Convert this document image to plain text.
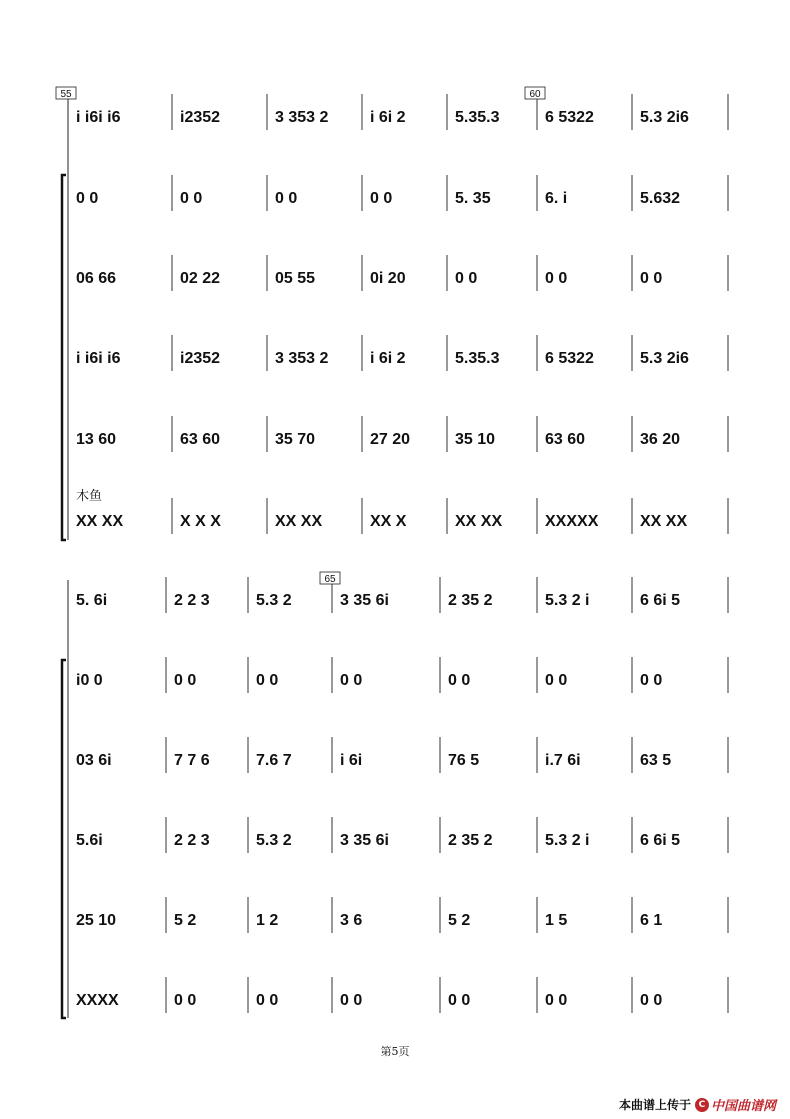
55	60
i i6i i6	i2352	3 353 2	i 6i 2	5.35.3	6 5322	5.3 2i6
0 0	0 0	0 0	0 0	5. 35	6. i	5.632
06 66	02 22	05 55	0i 20	0 0	0 0	0 0
i i6i i6	i2352	3 353 2	i 6i 2	5.35.3	6 5322	5.3 2i6
13 60	63 60	35 70	27 20	35 10	63 60	36 20
XX XX	X X X	XX XX	XX X	XX XX	XXXXX	XX XX
65
5. 6i	2 2 3	5.3 2	3 35 6i	2 35 2	5.3 2 i	6 6i 5
i0 0	0 0	0 0	0 0	0 0	0 0	0 0
03 6i	7 7 6	7.6 7	i 6i	76 5	i.7 6i	63 5
5.6i	2 2 3	5.3 2	3 35 6i	2 35 2	5.3 2 i	6 6i 5
25 10	5 2	1 2	3 6	5 2	1 5	6 1
XXXX	0 0	0 0	0 0	0 0	0 0	0 0
木鱼
第5页
本曲谱上传于 C 中国曲谱网
